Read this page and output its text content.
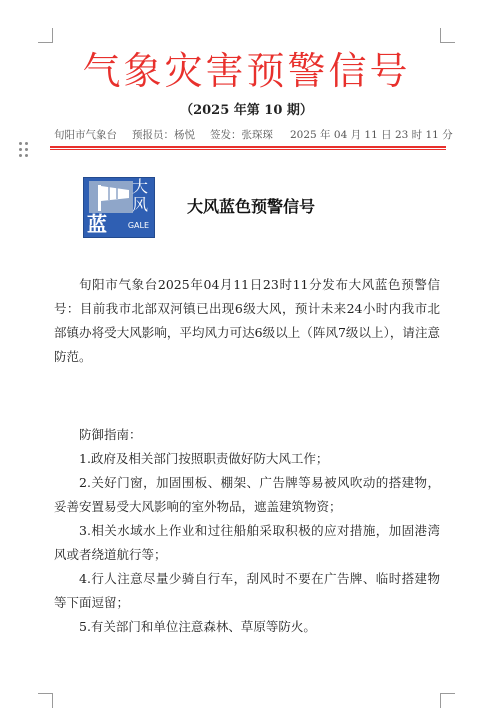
气象灾害预警信号
（2025 年第 10 期）
旬阳市气象台 预报员：杨悦 签发：张琛琛 2025 年 04 月 11 日 23 时 11 分
大
风
蓝	GALE
大风蓝色预警信号

旬阳市气象台2025年04月11日23时11分发布大风蓝色预警信号：目前我市北部双河镇已出现6级大风，预计未来24小时内我市北部镇办将受大风影响，平均风力可达6级以上（阵风7级以上），请注意防范。

防御指南：

1.政府及相关部门按照职责做好防大风工作；

2.关好门窗，加固围板、棚架、广告牌等易被风吹动的搭建物，妥善安置易受大风影响的室外物品，遮盖建筑物资；

3.相关水域水上作业和过往船舶采取积极的应对措施，加固港湾风或者绕道航行等；

4.行人注意尽量少骑自行车，刮风时不要在广告牌、临时搭建物等下面逗留；

5.有关部门和单位注意森林、草原等防火。
